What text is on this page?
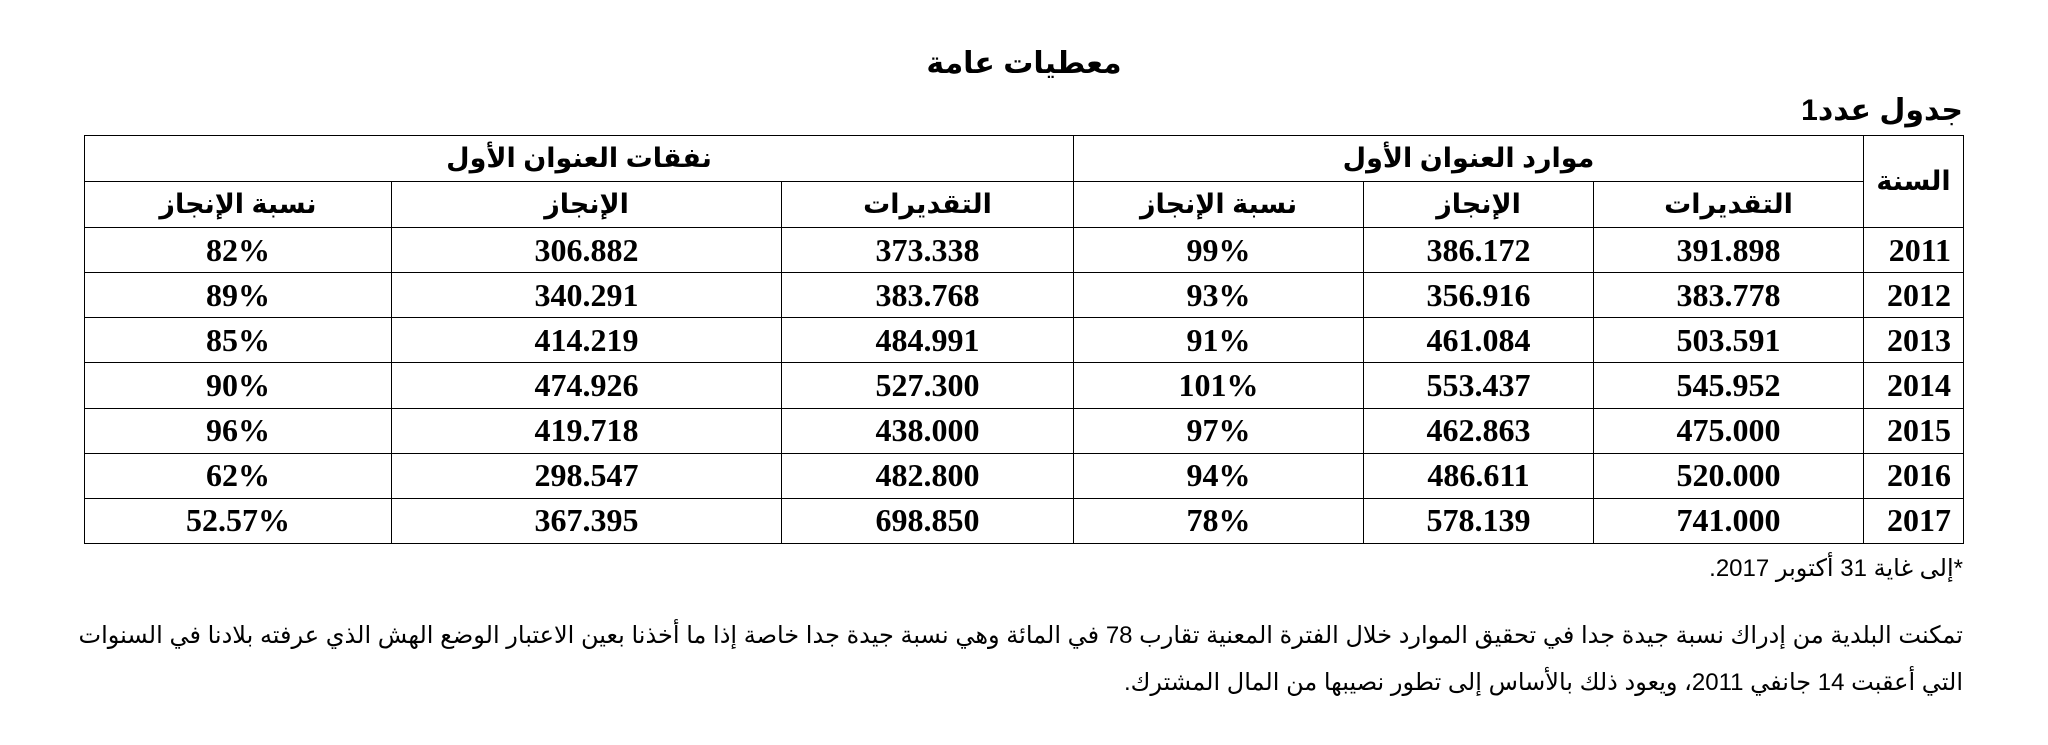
معطيات عامة
جدول عدد1
السنة	موارد العنوان الأول			نفقات العنوان الأول		
	التقديرات	الإنجاز	نسبة الإنجاز	التقديرات	الإنجاز	نسبة الإنجاز
2011	391.898	386.172	99%	373.338	306.882	82%
2012	383.778	356.916	93%	383.768	340.291	89%
2013	503.591	461.084	91%	484.991	414.219	85%
2014	545.952	553.437	101%	527.300	474.926	90%
2015	475.000	462.863	97%	438.000	419.718	96%
2016	520.000	486.611	94%	482.800	298.547	62%
2017	741.000	578.139	78%	698.850	367.395	52.57%
*إلى غاية 31 أكتوبر 2017.
تمكنت البلدية من إدراك نسبة جيدة جدا في تحقيق الموارد خلال الفترة المعنية تقارب 78 في المائة وهي نسبة جيدة جدا خاصة إذا ما أخذنا بعين الاعتبار الوضع الهش الذي عرفته بلادنا في السنوات التي أعقبت 14 جانفي 2011، ويعود ذلك بالأساس إلى تطور نصيبها من المال المشترك.
